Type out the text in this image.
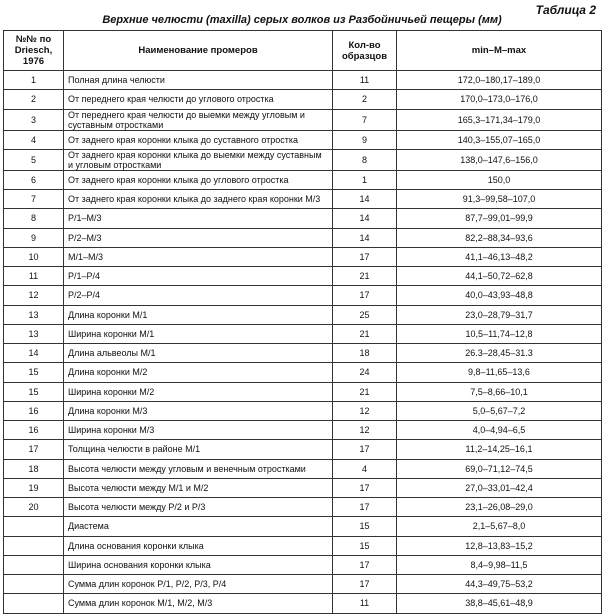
Таблица 2
Верхние челюсти (maxilla) серых волков из Разбойничьей пещеры (мм)
№№ по Driesch, 1976	Наименование промеров	Кол-во образцов	min–M–max
1	Полная длина челюсти	11	172,0–180,17–189,0
2	От переднего края челюсти до углового отростка	2	170,0–173,0–176,0
3	От переднего края челюсти до выемки между угловым и суставным отростками	7	165,3–171,34–179,0
4	От заднего края коронки клыка до суставного отростка	9	140,3–155,07–165,0
5	От заднего края коронки клыка до выемки между суставным и угловым отростками	8	138,0–147,6–156,0
6	От заднего края коронки клыка до углового отростка	1	150,0
7	От заднего края коронки клыка до заднего края коронки М/3	14	91,3–99,58–107,0
8	Р/1–М/3	14	87,7–99,01–99,9
9	Р/2–М/3	14	82,2–88,34–93,6
10	М/1–М/3	17	41,1–46,13–48,2
11	Р/1–Р/4	21	44,1–50,72–62,8
12	Р/2–Р/4	17	40,0–43,93–48,8
13	Длина коронки М/1	25	23,0–28,79–31,7
13	Ширина коронки М/1	21	10,5–11,74–12,8
14	Длина альвеолы М/1	18	26.3–28,45–31.3
15	Длина коронки М/2	24	9,8–11,65–13,6
15	Ширина коронки М/2	21	7,5–8,66–10,1
16	Длина коронки М/3	12	5,0–5,67–7,2
16	Ширина коронки М/3	12	4,0–4,94–6,5
17	Толщина челюсти в районе М/1	17	11,2–14,25–16,1
18	Высота челюсти между угловым и венечным отростками	4	69,0–71,12–74,5
19	Высота челюсти между М/1 и М/2	17	27,0–33,01–42,4
20	Высота челюсти между Р/2 и Р/3	17	23,1–26,08–29,0
	Диастема	15	2,1–5,67–8,0
	Длина основания коронки клыка	15	12,8–13,83–15,2
	Ширина основания коронки клыка	17	8,4–9,98–11,5
	Сумма длин коронок Р/1, Р/2, Р/3, Р/4	17	44,3–49,75–53,2
	Сумма длин коронок М/1, М/2, М/3	11	38,8–45,61–48,9
